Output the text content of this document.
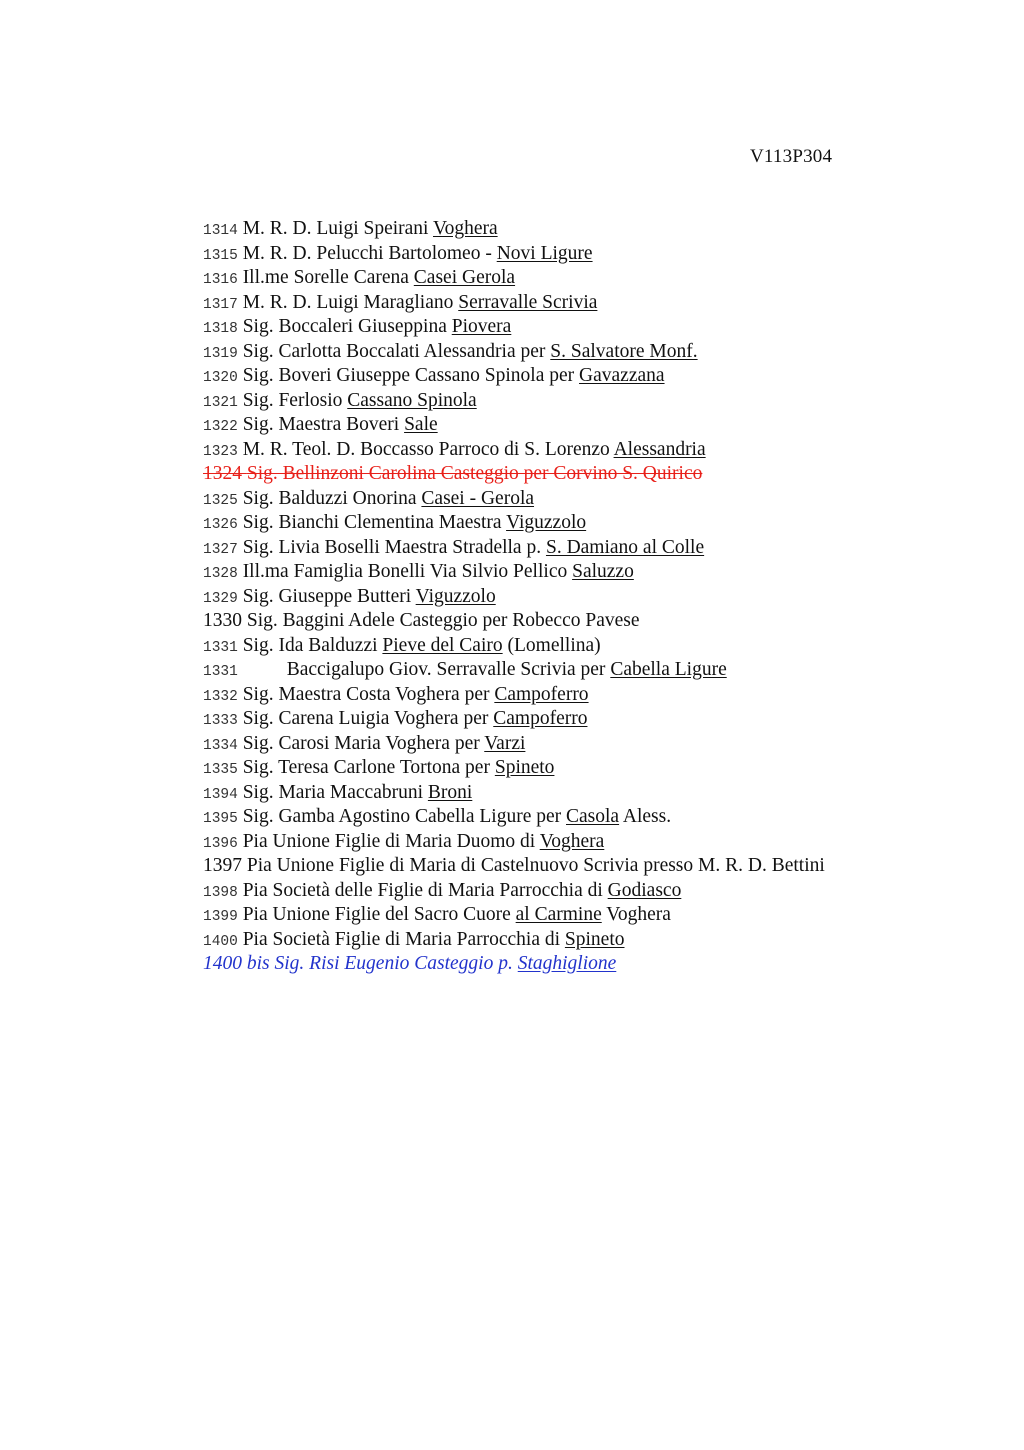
V113P304
1314 M. R. D. Luigi Speirani Voghera
1315 M. R. D. Pelucchi Bartolomeo - Novi Ligure
1316 Ill.me Sorelle Carena Casei Gerola
1317 M. R. D. Luigi Maragliano Serravalle Scrivia
1318 Sig. Boccaleri Giuseppina Piovera
1319 Sig. Carlotta Boccalati Alessandria per S. Salvatore Monf.
1320 Sig. Boveri Giuseppe Cassano Spinola per Gavazzana
1321 Sig. Ferlosio Cassano Spinola
1322 Sig. Maestra Boveri Sale
1323 M. R. Teol. D. Boccasso Parroco di S. Lorenzo Alessandria
1324 Sig. Bellinzoni Carolina Casteggio per Corvino S. Quirico
1325 Sig. Balduzzi Onorina Casei - Gerola
1326 Sig. Bianchi Clementina Maestra Viguzzolo
1327 Sig. Livia Boselli Maestra Stradella p. S. Damiano al Colle
1328 Ill.ma Famiglia Bonelli Via Silvio Pellico Saluzzo
1329 Sig. Giuseppe Butteri Viguzzolo
1330 Sig. Baggini Adele Casteggio per Robecco Pavese
1331 Sig. Ida Balduzzi Pieve del Cairo (Lomellina)
1331	Baccigalupo Giov. Serravalle Scrivia per Cabella Ligure
1332 Sig. Maestra Costa Voghera per Campoferro
1333 Sig. Carena Luigia Voghera per Campoferro
1334 Sig. Carosi Maria Voghera per Varzi
1335 Sig. Teresa Carlone Tortona per Spineto
1394 Sig. Maria Maccabruni Broni
1395 Sig. Gamba Agostino Cabella Ligure per Casola Aless.
1396 Pia Unione Figlie di Maria Duomo di Voghera
1397 Pia Unione Figlie di Maria di Castelnuovo Scrivia presso M. R. D. Bettini
1398 Pia Società delle Figlie di Maria Parrocchia di Godiasco
1399 Pia Unione Figlie del Sacro Cuore al Carmine Voghera
1400 Pia Società Figlie di Maria Parrocchia di Spineto
1400 bis Sig. Risi Eugenio Casteggio p. Staghiglione
